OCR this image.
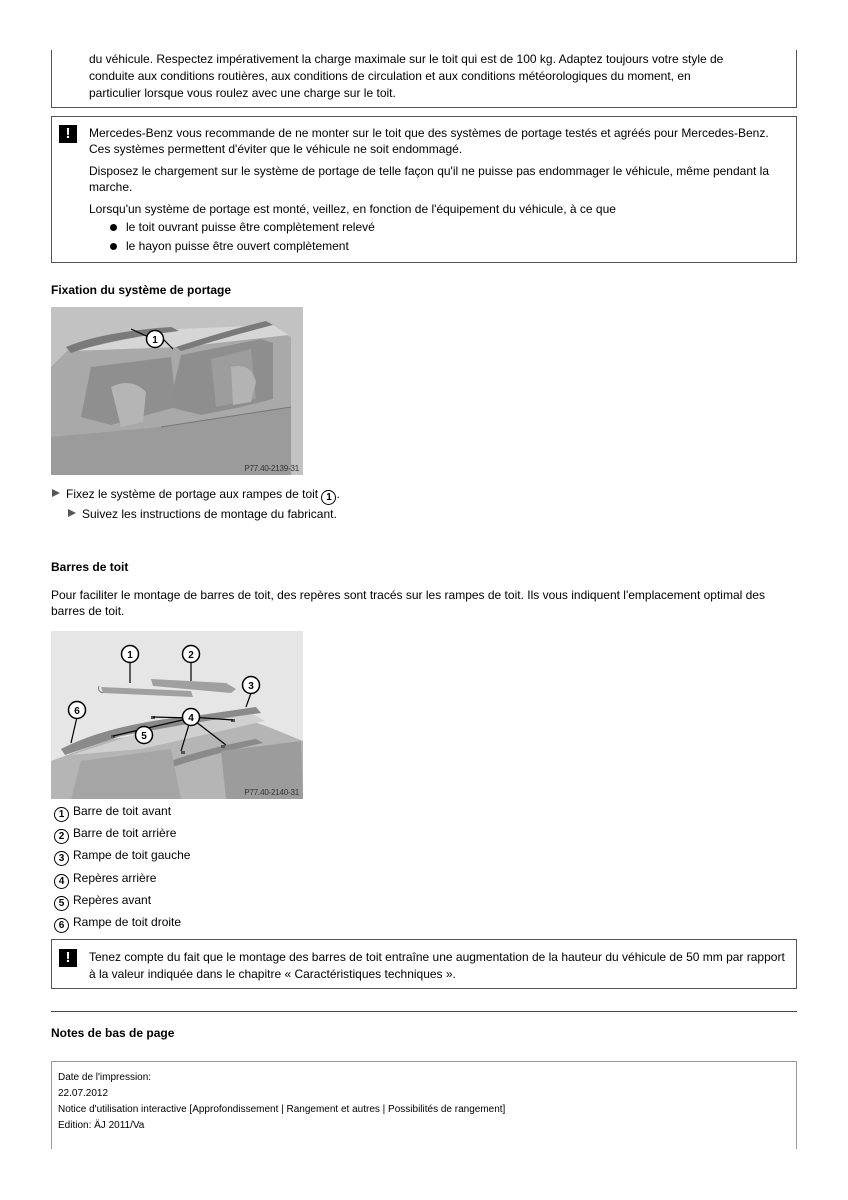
du véhicule. Respectez impérativement la charge maximale sur le toit qui est de 100 kg. Adaptez toujours votre style de
conduite aux conditions routières, aux conditions de circulation et aux conditions météorologiques du moment, en
particulier lorsque vous roulez avec une charge sur le toit.
!	Mercedes-Benz vous recommande de ne monter sur le toit que des systèmes de portage testés et agréés pour Mercedes-Benz. Ces systèmes permettent d'éviter que le véhicule ne soit endommagé.

Disposez le chargement sur le système de portage de telle façon qu'il ne puisse pas endommager le véhicule, même pendant la marche.

Lorsqu'un système de portage est monté, veillez, en fonction de l'équipement du véhicule, à ce que

le toit ouvrant puisse être complètement relevé
le hayon puisse être ouvert complètement
Fixation du système de portage
1
P77.40-2139-31
Fixez le système de portage aux rampes de toit 1 .
Suivez les instructions de montage du fabricant.
Barres de toit
Pour faciliter le montage de barres de toit, des repères sont tracés sur les rampes de toit. Ils vous indiquent l'emplacement optimal des barres de toit.
1	2
3
4
5
6
P77.40-2140-31
1 Barre de toit avant
2 Barre de toit arrière
3 Rampe de toit gauche
4 Repères arrière
5 Repères avant
6 Rampe de toit droite
!	Tenez compte du fait que le montage des barres de toit entraîne une augmentation de la hauteur du véhicule de 50 mm par rapport à la valeur indiquée dans le chapitre « Caractéristiques techniques ».

Notes de bas de page
Date de l'impression:
22.07.2012
Notice d'utilisation interactive [Approfondissement | Rangement et autres | Possibilités de rangement]
Edition: ÄJ 2011/Va
